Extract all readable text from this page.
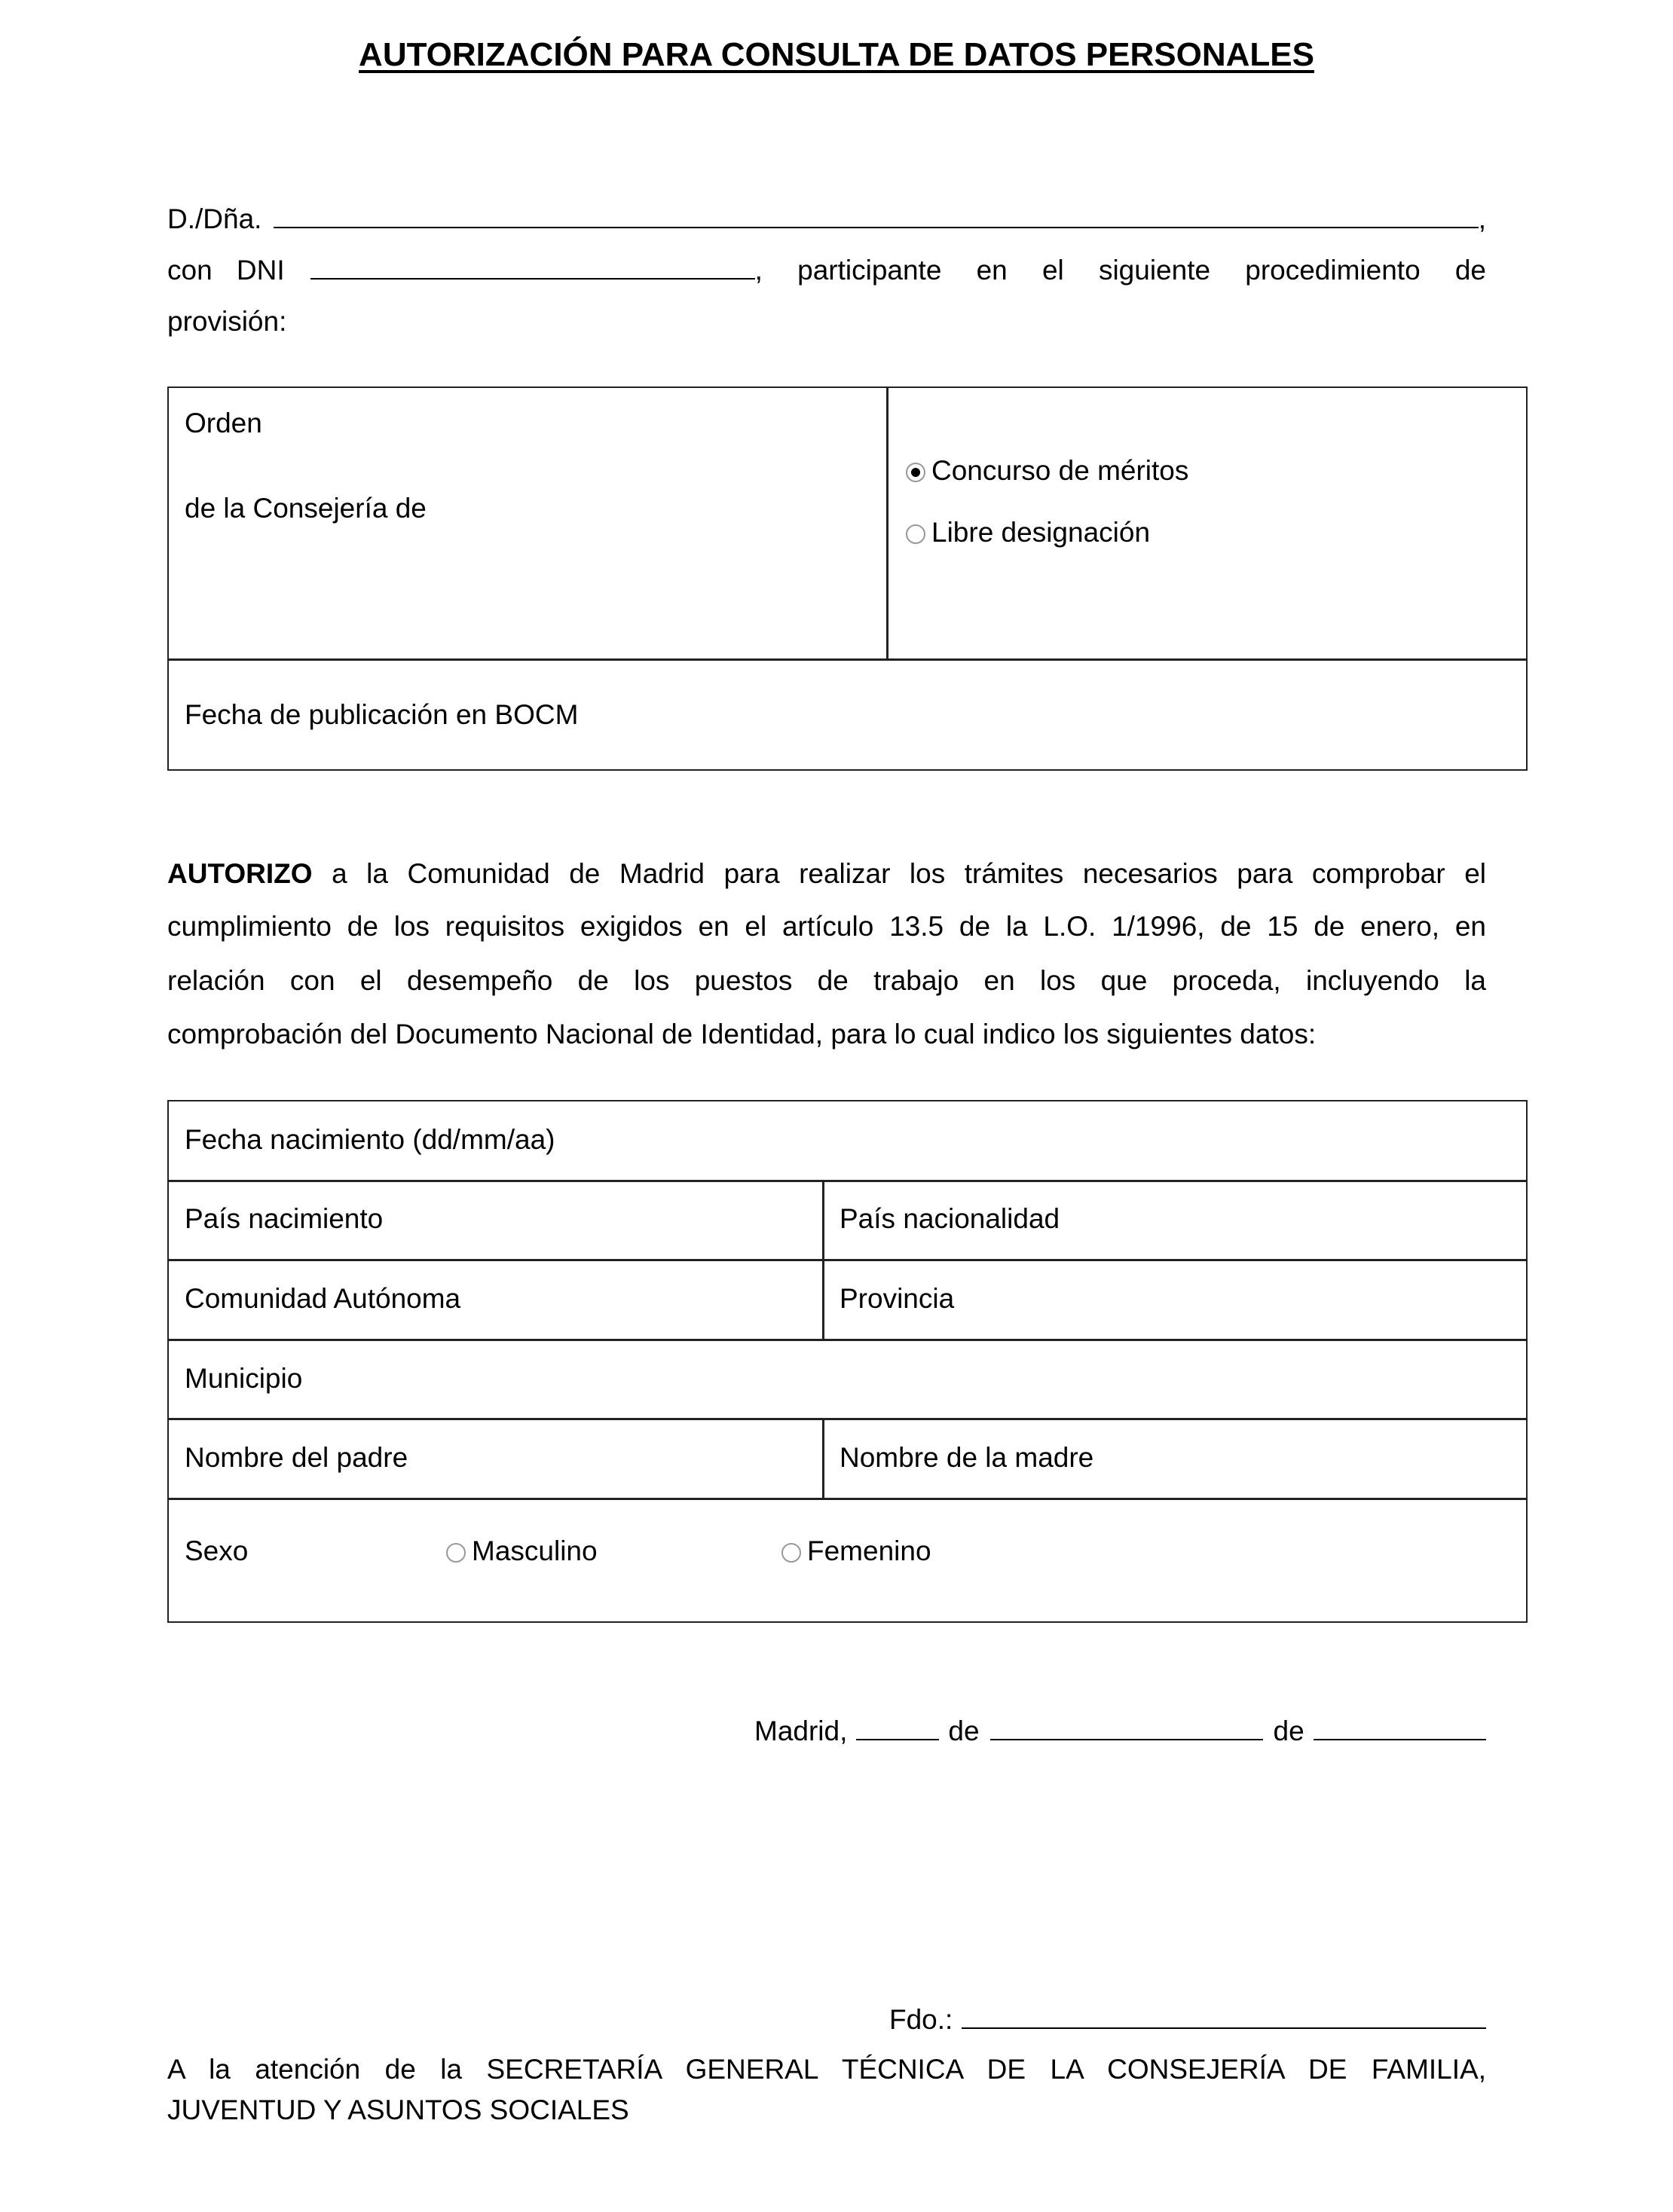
AUTORIZACIÓN PARA CONSULTA DE DATOS PERSONALES
D./Dña.	,
con DNI	, participante en el siguiente procedimiento de
provisión:
Orden
de la Consejería de
Concurso de méritos
Libre designación
Fecha de publicación en BOCM
AUTORIZO a la Comunidad de Madrid para realizar los trámites necesarios para comprobar el
cumplimiento de los requisitos exigidos en el artículo 13.5 de la L.O. 1/1996, de 15 de enero, en
relación con el desempeño de los puestos de trabajo en los que proceda, incluyendo la
comprobación del Documento Nacional de Identidad, para lo cual indico los siguientes datos:
Fecha nacimiento (dd/mm/aa)
País nacimiento	País nacionalidad
Comunidad Autónoma	Provincia
Municipio
Nombre del padre	Nombre de la madre
Sexo	Masculino	Femenino
Madrid,	de	de
Fdo.:
A la atención de la SECRETARÍA GENERAL TÉCNICA DE LA CONSEJERÍA DE FAMILIA,
JUVENTUD Y ASUNTOS SOCIALES
